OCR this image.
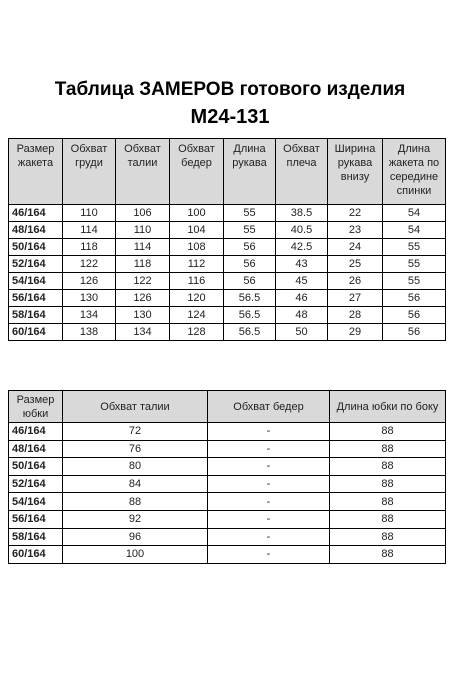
Таблица ЗАМЕРОВ готового изделия
М24-131
Размер жакета	Обхват груди	Обхват талии	Обхват бедер	Длина рукава	Обхват плеча	Ширина рукава внизу	Длина жакета по середине спинки
46/164	110	106	100	55	38.5	22	54
48/164	114	110	104	55	40.5	23	54
50/164	118	114	108	56	42.5	24	55
52/164	122	118	112	56	43	25	55
54/164	126	122	116	56	45	26	55
56/164	130	126	120	56.5	46	27	56
58/164	134	130	124	56.5	48	28	56
60/164	138	134	128	56.5	50	29	56
Размер юбки	Обхват талии	Обхват бедер	Длина юбки по боку
46/164	72	-	88
48/164	76	-	88
50/164	80	-	88
52/164	84	-	88
54/164	88	-	88
56/164	92	-	88
58/164	96	-	88
60/164	100	-	88
